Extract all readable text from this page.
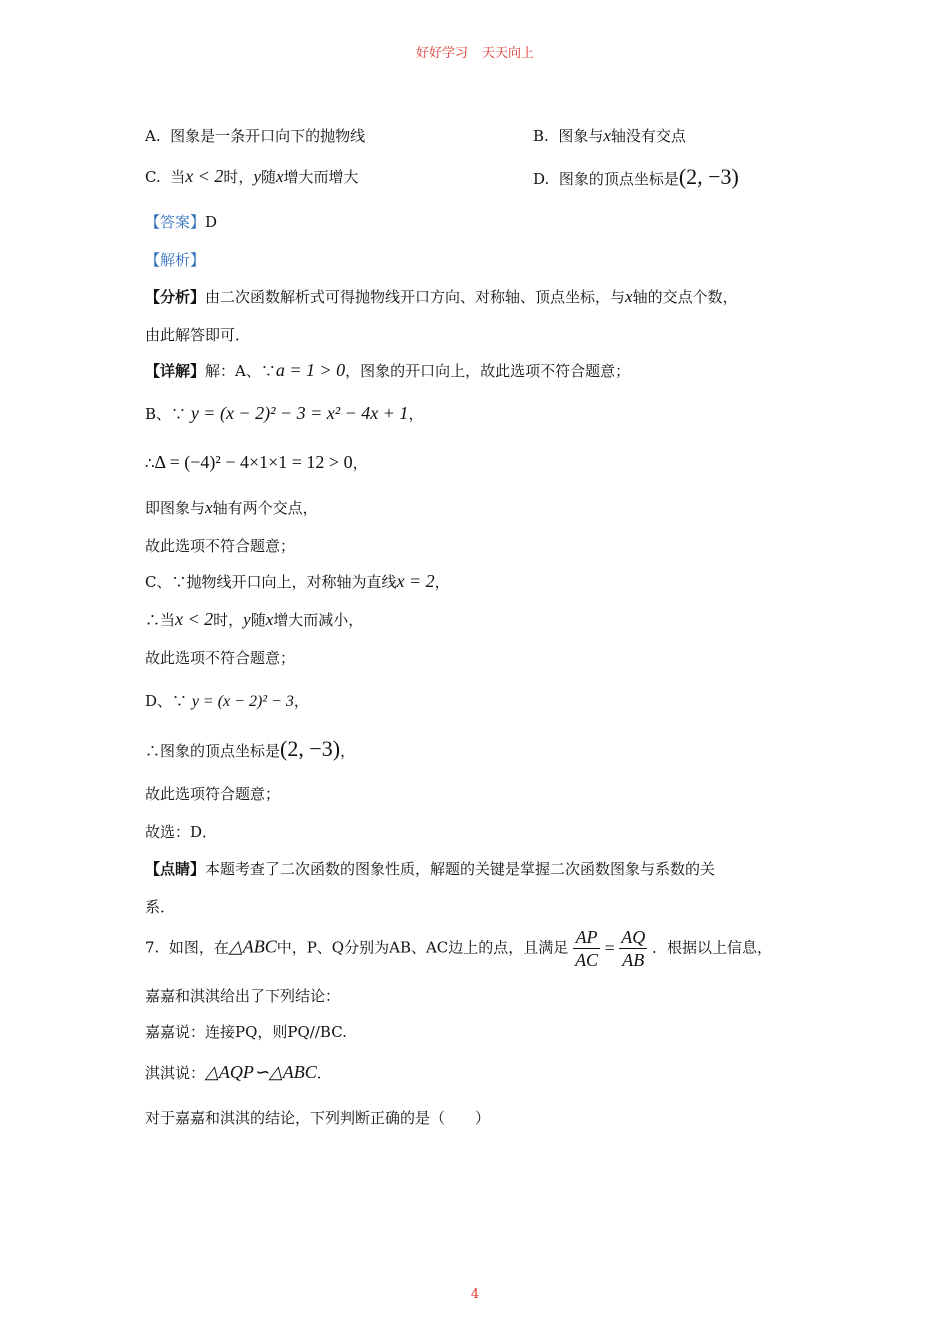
好好学习 天天向上
A. 图象是一条开口向下的抛物线	B. 图象与x轴没有交点
C. 当x < 2时，y随x增大而增大	D. 图象的顶点坐标是(2, −3)
【答案】D
【解析】
【分析】由二次函数解析式可得抛物线开口方向、对称轴、顶点坐标，与x轴的交点个数，
由此解答即可．
【详解】解：A、∵a = 1 > 0，图象的开口向上，故此选项不符合题意；
B、∵ y = (x − 2)² − 3 = x² − 4x + 1，
∴Δ = (−4)² − 4×1×1 = 12 > 0，
即图象与x轴有两个交点，
故此选项不符合题意；
C、∵抛物线开口向上，对称轴为直线x = 2，
∴当x < 2时，y随x增大而减小，
故此选项不符合题意；
D、∵ y = (x − 2)² − 3，
∴图象的顶点坐标是(2, −3)，
故此选项符合题意；
故选：D．
【点睛】本题考查了二次函数的图象性质，解题的关键是掌握二次函数图象与系数的关
系．
7. 如图，在△ABC中，P、Q分别为AB、AC边上的点，且满足 $\frac{AP}{AC} = \frac{AQ}{AB}$ ．根据以上信息，
嘉嘉和淇淇给出了下列结论：
嘉嘉说：连接PQ，则PQ//BC.
淇淇说：△AQP∽△ABC．
对于嘉嘉和淇淇的结论，下列判断正确的是（　　）
4
